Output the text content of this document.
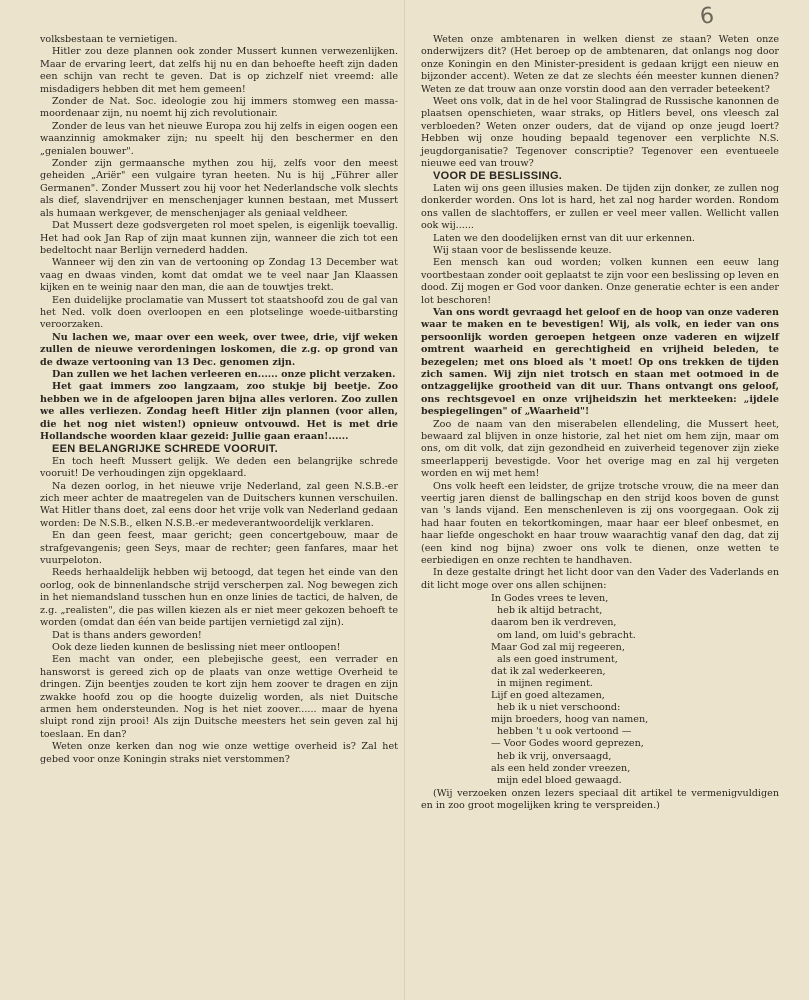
6

volksbestaan te vernietigen.

Hitler zou deze plannen ook zonder Mussert kunnen verwezenlijken. Maar de ervaring leert, dat zelfs hij nu en dan behoefte heeft zijn daden een schijn van recht te geven. Dat is op zichzelf niet vreemd: alle misdadigers hebben dit met hem gemeen!

Zonder de Nat. Soc. ideologie zou hij immers stomweg een massa-moordenaar zijn, nu noemt hij zich revolutionair.

Zonder de leus van het nieuwe Europa zou hij zelfs in eigen oogen een waanzinnig amokmaker zijn; nu speelt hij den beschermer en den „genialen bouwer".

Zonder zijn germaansche mythen zou hij, zelfs voor den meest geheiden „Ariër" een vulgaire tyran heeten. Nu is hij „Führer aller Germanen". Zonder Mussert zou hij voor het Nederlandsche volk slechts als dief, slavendrijver en menschenjager kunnen bestaan, met Mussert als humaan werkgever, de menschenjager als geniaal veldheer.

Dat Mussert deze godsvergeten rol moet spelen, is eigenlijk toevallig. Het had ook Jan Rap of zijn maat kunnen zijn, wanneer die zich tot een bedeltocht naar Berlijn vernederd hadden.

Wanneer wij den zin van de vertooning op Zondag 13 December wat vaag en dwaas vinden, komt dat omdat we te veel naar Jan Klaassen kijken en te weinig naar den man, die aan de touwtjes trekt.

Een duidelijke proclamatie van Mussert tot staatshoofd zou de gal van het Ned. volk doen overloopen en een plotselinge woede-uitbarsting veroorzaken.

Nu lachen we, maar over een week, over twee, drie, vijf weken zullen de nieuwe verordeningen loskomen, die z.g. op grond van de dwaze vertooning van 13 Dec. genomen zijn.

Dan zullen we het lachen verleeren en...... onze plicht verzaken.

Het gaat immers zoo langzaam, zoo stukje bij beetje. Zoo hebben we in de afgeloopen jaren bijna alles verloren. Zoo zullen we alles verliezen. Zondag heeft Hitler zijn plannen (voor allen, die het nog niet wisten!) opnieuw ontvouwd. Het is met drie Hollandsche woorden klaar gezeid: Jullie gaan eraan!......

EEN BELANGRIJKE SCHREDE VOORUIT.

En toch heeft Mussert gelijk. We deden een belangrijke schrede vooruit! De verhoudingen zijn opgeklaard.

Na dezen oorlog, in het nieuwe vrije Nederland, zal geen N.S.B.-er zich meer achter de maatregelen van de Duitschers kunnen verschuilen. Wat Hitler thans doet, zal eens door het vrije volk van Nederland gedaan worden: De N.S.B., elken N.S.B.-er medeverantwoordelijk verklaren.

En dan geen feest, maar gericht; geen concertgebouw, maar de strafgevangenis; geen Seys, maar de rechter; geen fanfares, maar het vuurpeloton.

Reeds herhaaldelijk hebben wij betoogd, dat tegen het einde van den oorlog, ook de binnenlandsche strijd verscherpen zal. Nog bewegen zich in het niemandsland tusschen hun en onze linies de tactici, de halven, de z.g. „realisten", die pas willen kiezen als er niet meer gekozen behoeft te worden (omdat dan één van beide partijen vernietigd zal zijn).

Dat is thans anders geworden!

Ook deze lieden kunnen de beslissing niet meer ontloopen!

Een macht van onder, een plebejische geest, een verrader en hansworst is gereed zich op de plaats van onze wettige Overheid te dringen. Zijn beentjes zouden te kort zijn hem zoover te dragen en zijn zwakke hoofd zou op die hoogte duizelig worden, als niet Duitsche armen hem ondersteunden. Nog is het niet zoover...... maar de hyena sluipt rond zijn prooi! Als zijn Duitsche meesters het sein geven zal hij toeslaan. En dan?

Weten onze kerken dan nog wie onze wettige overheid is? Zal het gebed voor onze Koningin straks niet verstommen?

Weten onze ambtenaren in welken dienst ze staan? Weten onze onderwijzers dit? (Het beroep op de ambtenaren, dat onlangs nog door onze Koningin en den Minister-president is gedaan krijgt een nieuw en bijzonder accent). Weten ze dat ze slechts één meester kunnen dienen? Weten ze dat trouw aan onze vorstin dood aan den verrader beteekent?

Weet ons volk, dat in de hel voor Stalingrad de Russische kanonnen de plaatsen openschieten, waar straks, op Hitlers bevel, ons vleesch zal verbloeden? Weten onzer ouders, dat de vijand op onze jeugd loert? Hebben wij onze houding bepaald tegenover een verplichte N.S. jeugdorganisatie? Tegenover conscriptie? Tegenover een eventueele nieuwe eed van trouw?

VOOR DE BESLISSING.

Laten wij ons geen illusies maken. De tijden zijn donker, ze zullen nog donkerder worden. Ons lot is hard, het zal nog harder worden. Rondom ons vallen de slachtoffers, er zullen er veel meer vallen. Wellicht vallen ook wij......

Laten we den doodelijken ernst van dit uur erkennen.

Wij staan voor de beslissende keuze.

Een mensch kan oud worden; volken kunnen een eeuw lang voortbestaan zonder ooit geplaatst te zijn voor een beslissing op leven en dood. Zij mogen er God voor danken. Onze generatie echter is een ander lot beschoren!

Van ons wordt gevraagd het geloof en de hoop van onze vaderen waar te maken en te bevestigen! Wij, als volk, en ieder van ons persoonlijk worden geroepen hetgeen onze vaderen en wijzelf omtrent waarheid en gerechtigheid en vrijheid beleden, te bezegelen; met ons bloed als 't moet! Op ons trekken de tijden zich samen. Wij zijn niet trotsch en staan met ootmoed in de ontzaggelijke grootheid van dit uur. Thans ontvangt ons geloof, ons rechtsgevoel en onze vrijheidszin het merkteeken: „ijdele bespiegelingen" of „Waarheid"!

Zoo de naam van den miserabelen ellendeling, die Mussert heet, bewaard zal blijven in onze historie, zal het niet om hem zijn, maar om ons, om dit volk, dat zijn gezondheid en zuiverheid tegenover zijn zieke smeerlapperij bevestigde. Voor het overige mag en zal hij vergeten worden en wij met hem!

Ons volk heeft een leidster, de grijze trotsche vrouw, die na meer dan veertig jaren dienst de ballingschap en den strijd koos boven de gunst van 's lands vijand. Een menschenleven is zij ons voorgegaan. Ook zij had haar fouten en tekortkomingen, maar haar eer bleef onbesmet, en haar liefde ongeschokt en haar trouw waarachtig vanaf den dag, dat zij (een kind nog bijna) zwoer ons volk te dienen, onze wetten te eerbiedigen en onze rechten te handhaven.

In deze gestalte dringt het licht door van den Vader des Vaderlands en dit licht moge over ons allen schijnen:

In Godes vrees te leven,
heb ik altijd betracht,
daarom ben ik verdreven,
om land, om luid's gebracht.
Maar God zal mij regeeren,
als een goed instrument,
dat ik zal wederkeeren,
in mijnen regiment.
Lijf en goed altezamen,
heb ik u niet verschoond:
mijn broeders, hoog van namen,
hebben 't u ook vertoond —
— Voor Godes woord geprezen,
heb ik vrij, onversaagd,
als een held zonder vreezen,
mijn edel bloed gewaagd.

(Wij verzoeken onzen lezers speciaal dit artikel te vermenigvuldigen en in zoo groot mogelijken kring te verspreiden.)
